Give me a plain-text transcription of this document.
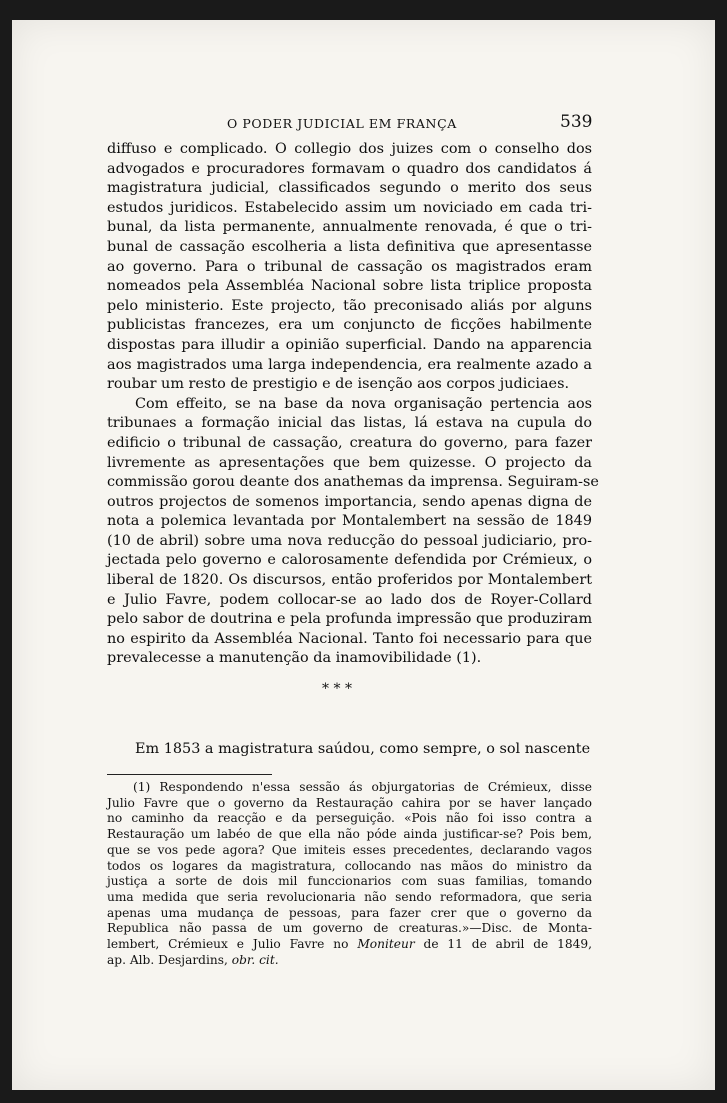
O PODER JUDICIAL EM FRANÇA	539
diffuso e complicado. O collegio dos juizes com o conselho dos
advogados e procuradores formavam o quadro dos candidatos á
magistratura judicial, classificados segundo o merito dos seus
estudos juridicos. Estabelecido assim um noviciado em cada tri-
bunal, da lista permanente, annualmente renovada, é que o tri-
bunal de cassação escolheria a lista definitiva que apresentasse
ao governo. Para o tribunal de cassação os magistrados eram
nomeados pela Assembléa Nacional sobre lista triplice proposta
pelo ministerio. Este projecto, tão preconisado aliás por alguns
publicistas francezes, era um conjuncto de ficções habilmente
dispostas para illudir a opinião superficial. Dando na apparencia
aos magistrados uma larga independencia, era realmente azado a
roubar um resto de prestigio e de isenção aos corpos judiciaes.
Com effeito, se na base da nova organisação pertencia aos
tribunaes a formação inicial das listas, lá estava na cupula do
edificio o tribunal de cassação, creatura do governo, para fazer
livremente as apresentações que bem quizesse. O projecto da
commissão gorou deante dos anathemas da imprensa. Seguiram-se
outros projectos de somenos importancia, sendo apenas digna de
nota a polemica levantada por Montalembert na sessão de 1849
(10 de abril) sobre uma nova reducção do pessoal judiciario, pro-
jectada pelo governo e calorosamente defendida por Crémieux, o
liberal de 1820. Os discursos, então proferidos por Montalembert
e Julio Favre, podem collocar-se ao lado dos de Royer-Collard
pelo sabor de doutrina e pela profunda impressão que produziram
no espirito da Assembléa Nacional. Tanto foi necessario para que
prevalecesse a manutenção da inamovibilidade (1).
* * *
Em 1853 a magistratura saúdou, como sempre, o sol nascente
(1) Respondendo n'essa sessão ás objurgatorias de Crémieux, disse
Julio Favre que o governo da Restauração cahira por se haver lançado
no caminho da reacção e da perseguição. «Pois não foi isso contra a
Restauração um labéo de que ella não póde ainda justificar-se? Pois bem,
que se vos pede agora? Que imiteis esses precedentes, declarando vagos
todos os logares da magistratura, collocando nas mãos do ministro da
justiça a sorte de dois mil funccionarios com suas familias, tomando
uma medida que seria revolucionaria não sendo reformadora, que seria
apenas uma mudança de pessoas, para fazer crer que o governo da
Republica não passa de um governo de creaturas.»—Disc. de Monta-
lembert, Crémieux e Julio Favre no Moniteur de 11 de abril de 1849,
ap. Alb. Desjardins, obr. cit.
